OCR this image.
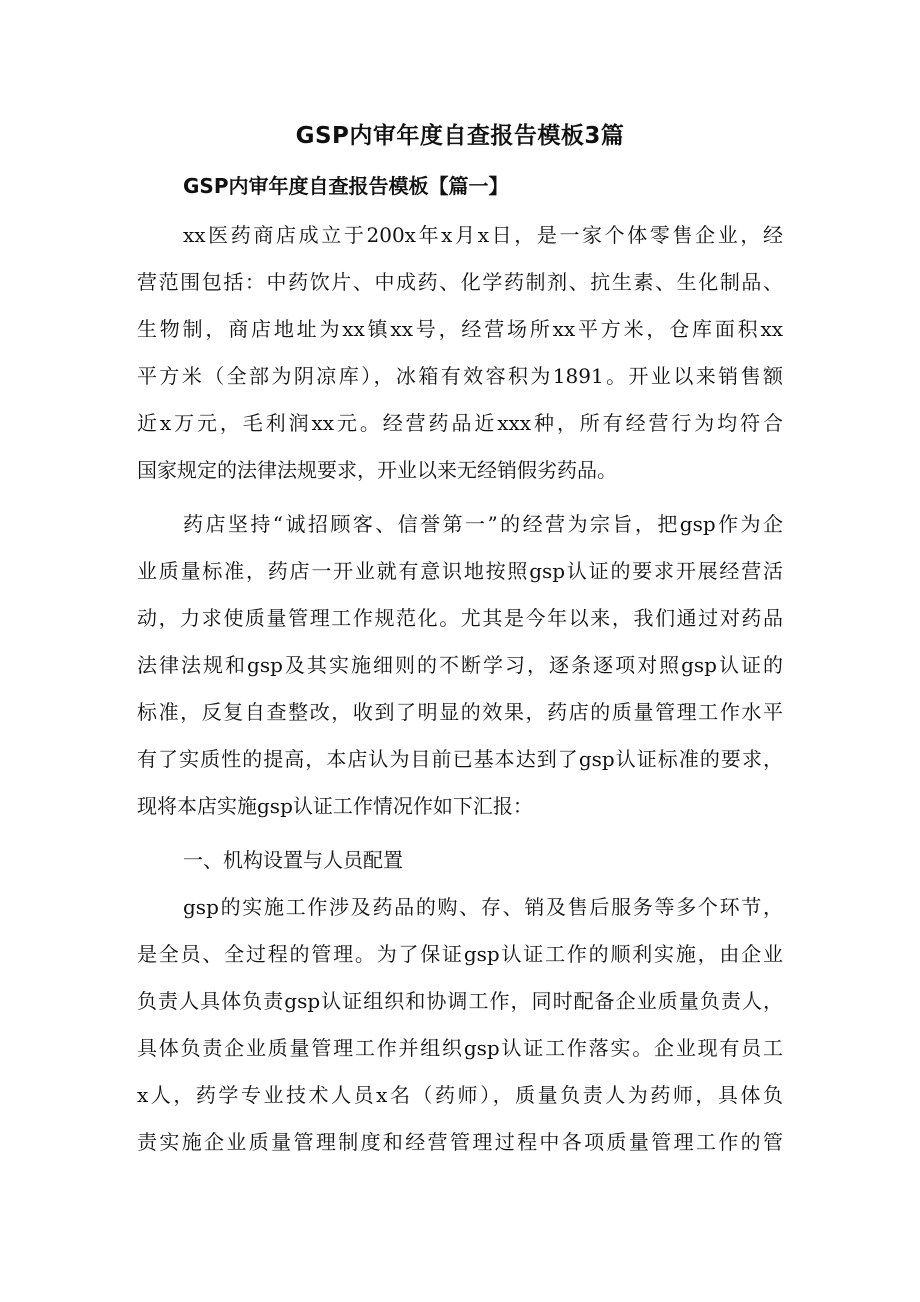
GSP内审年度自查报告模板3篇
GSP内审年度自查报告模板【篇一】
xx医药商店成立于200x年x月x日，是一家个体零售企业，经
营范围包括：中药饮片、中成药、化学药制剂、抗生素、生化制品、
生物制，商店地址为xx镇xx号，经营场所xx平方米，仓库面积xx
平方米（全部为阴凉库），冰箱有效容积为1891。开业以来销售额
近x万元，毛利润xx元。经营药品近xxx种，所有经营行为均符合
国家规定的法律法规要求，开业以来无经销假劣药品。
药店坚持“诚招顾客、信誉第一”的经营为宗旨，把gsp作为企
业质量标准，药店一开业就有意识地按照gsp认证的要求开展经营活
动，力求使质量管理工作规范化。尤其是今年以来，我们通过对药品
法律法规和gsp及其实施细则的不断学习，逐条逐项对照gsp认证的
标准，反复自查整改，收到了明显的效果，药店的质量管理工作水平
有了实质性的提高，本店认为目前已基本达到了gsp认证标准的要求，
现将本店实施gsp认证工作情况作如下汇报：
一、机构设置与人员配置
gsp的实施工作涉及药品的购、存、销及售后服务等多个环节，
是全员、全过程的管理。为了保证gsp认证工作的顺利实施，由企业
负责人具体负责gsp认证组织和协调工作，同时配备企业质量负责人，
具体负责企业质量管理工作并组织gsp认证工作落实。企业现有员工
x人，药学专业技术人员x名（药师），质量负责人为药师，具体负
责实施企业质量管理制度和经营管理过程中各项质量管理工作的管
